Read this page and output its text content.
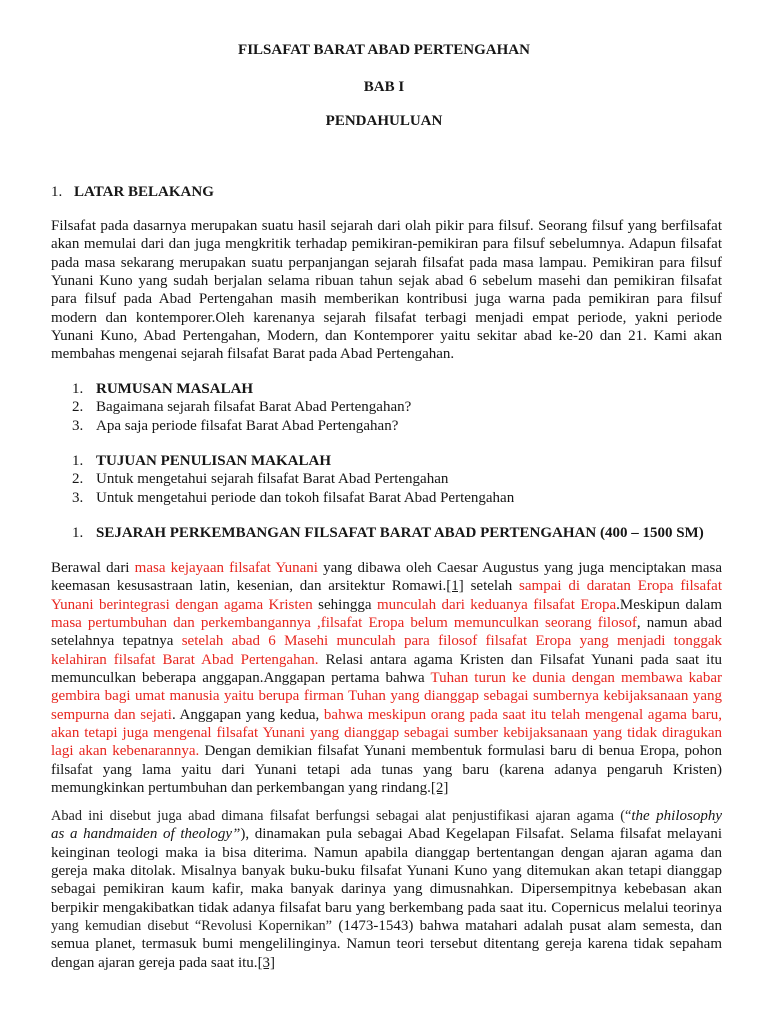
FILSAFAT BARAT ABAD PERTENGAHAN
BAB I
PENDAHULUAN
1. LATAR BELAKANG
Filsafat pada dasarnya merupakan suatu hasil sejarah dari olah pikir para filsuf. Seorang filsuf yang berfilsafat
akan memulai dari dan juga mengkritik terhadap pemikiran-pemikiran para filsuf sebelumnya. Adapun filsafat
pada masa sekarang merupakan suatu perpanjangan sejarah filsafat pada masa lampau. Pemikiran para filsuf
Yunani Kuno yang sudah berjalan selama ribuan tahun sejak abad 6 sebelum masehi dan pemikiran filsafat
para filsuf pada Abad Pertengahan masih memberikan kontribusi juga warna pada pemikiran para filsuf
modern dan kontemporer.Oleh karenanya sejarah filsafat terbagi menjadi empat periode, yakni periode
Yunani Kuno, Abad Pertengahan, Modern, dan Kontemporer yaitu sekitar abad ke-20 dan 21. Kami akan
membahas mengenai sejarah filsafat Barat pada Abad Pertengahan.
1. RUMUSAN MASALAH
2. Bagaimana sejarah filsafat Barat Abad Pertengahan?
3. Apa saja periode filsafat Barat Abad Pertengahan?
1. TUJUAN PENULISAN MAKALAH
2. Untuk mengetahui sejarah filsafat Barat Abad Pertengahan
3. Untuk mengetahui periode dan tokoh filsafat Barat Abad Pertengahan
1. SEJARAH PERKEMBANGAN FILSAFAT BARAT ABAD PERTENGAHAN (400 – 1500 SM)
Berawal dari masa kejayaan filsafat Yunani yang dibawa oleh Caesar Augustus yang juga menciptakan masa
keemasan kesusastraan latin, kesenian, dan arsitektur Romawi.[1] setelah sampai di daratan Eropa filsafat
Yunani berintegrasi dengan agama Kristen sehingga munculah dari keduanya filsafat Eropa.Meskipun dalam
masa pertumbuhan dan perkembangannya ,filsafat Eropa belum memunculkan seorang filosof, namun abad
setelahnya tepatnya setelah abad 6 Masehi munculah para filosof filsafat Eropa yang menjadi tonggak
kelahiran filsafat Barat Abad Pertengahan. Relasi antara agama Kristen dan Filsafat Yunani pada saat itu
memunculkan beberapa anggapan.Anggapan pertama bahwa Tuhan turun ke dunia dengan membawa kabar
gembira bagi umat manusia yaitu berupa firman Tuhan yang dianggap sebagai sumbernya kebijaksanaan yang
sempurna dan sejati. Anggapan yang kedua, bahwa meskipun orang pada saat itu telah mengenal agama baru,
akan tetapi juga mengenal filsafat Yunani yang dianggap sebagai sumber kebijaksanaan yang tidak diragukan
lagi akan kebenarannya. Dengan demikian filsafat Yunani membentuk formulasi baru di benua Eropa, pohon
filsafat yang lama yaitu dari Yunani tetapi ada tunas yang baru (karena adanya pengaruh Kristen)
memungkinkan pertumbuhan dan perkembangan yang rindang.[2]
Abad ini disebut juga abad dimana filsafat berfungsi sebagai alat penjustifikasi ajaran agama (“the philosophy
as a handmaiden of theology”), dinamakan pula sebagai Abad Kegelapan Filsafat. Selama filsafat melayani
keinginan teologi maka ia bisa diterima. Namun apabila dianggap bertentangan dengan ajaran agama dan
gereja maka ditolak. Misalnya banyak buku-buku filsafat Yunani Kuno yang ditemukan akan tetapi dianggap
sebagai pemikiran kaum kafir, maka banyak darinya yang dimusnahkan. Dipersempitnya kebebasan akan
berpikir mengakibatkan tidak adanya filsafat baru yang berkembang pada saat itu. Copernicus melalui teorinya
yang kemudian disebut “Revolusi Kopernikan” (1473-1543) bahwa matahari adalah pusat alam semesta, dan
semua planet, termasuk bumi mengelilinginya. Namun teori tersebut ditentang gereja karena tidak sepaham
dengan ajaran gereja pada saat itu.[3]
